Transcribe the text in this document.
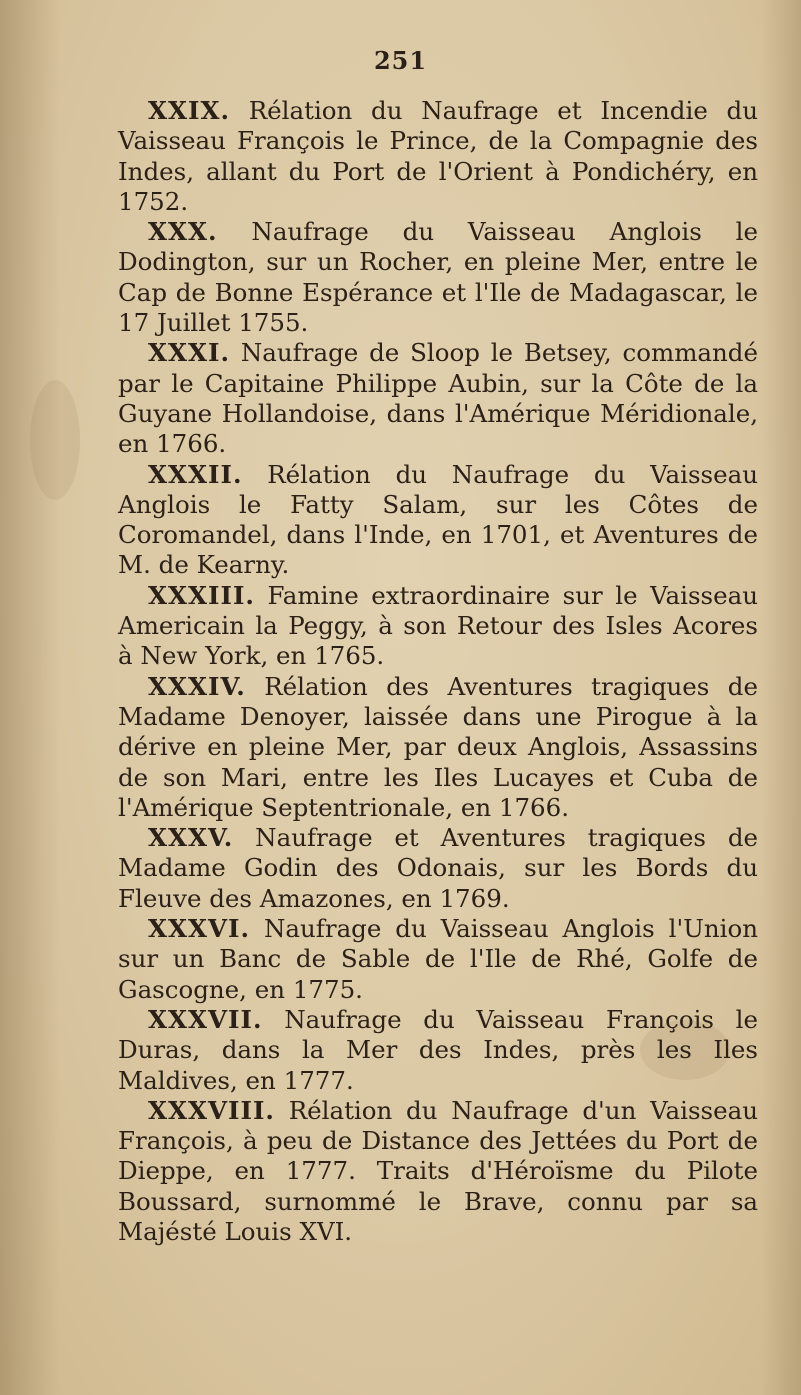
251

XXIX. Rélation du Naufrage et Incendie du Vaisseau François le Prince, de la Compagnie des Indes, allant du Port de l'Orient à Pondichéry, en 1752.

XXX. Naufrage du Vaisseau Anglois le Dodington, sur un Rocher, en pleine Mer, entre le Cap de Bonne Espérance et l'Ile de Madagascar, le 17 Juillet 1755.

XXXI. Naufrage de Sloop le Betsey, commandé par le Capitaine Philippe Aubin, sur la Côte de la Guyane Hollandoise, dans l'Amérique Méridionale, en 1766.

XXXII. Rélation du Naufrage du Vaisseau Anglois le Fatty Salam, sur les Côtes de Coromandel, dans l'Inde, en 1701, et Aventures de M. de Kearny.

XXXIII. Famine extraordinaire sur le Vaisseau Americain la Peggy, à son Retour des Isles Acores à New York, en 1765.

XXXIV. Rélation des Aventures tragiques de Madame Denoyer, laissée dans une Pirogue à la dérive en pleine Mer, par deux Anglois, Assassins de son Mari, entre les Iles Lucayes et Cuba de l'Amérique Septentrionale, en 1766.

XXXV. Naufrage et Aventures tragiques de Madame Godin des Odonais, sur les Bords du Fleuve des Amazones, en 1769.

XXXVI. Naufrage du Vaisseau Anglois l'Union sur un Banc de Sable de l'Ile de Rhé, Golfe de Gascogne, en 1775.

XXXVII. Naufrage du Vaisseau François le Duras, dans la Mer des Indes, près les Iles Maldives, en 1777.

XXXVIII. Rélation du Naufrage d'un Vaisseau François, à peu de Distance des Jettées du Port de Dieppe, en 1777. Traits d'Héroïsme du Pilote Boussard, surnommé le Brave, connu par sa Majésté Louis XVI.
